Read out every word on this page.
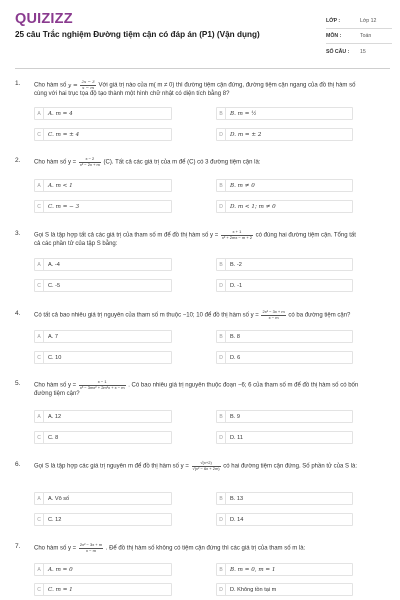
QUIZIZZ
25 câu Trắc nghiệm Đường tiệm cận có đáp án (P1) (Vận dụng)
LỚP :	Lớp 12
MÔN :	Toán
SỐ CÂU :	15
1. Cho hàm số $y = \frac{2x - 3}{x - m}$ Với giá trị nào của m( m ≠ 0) thì đường tiệm cận đứng, đường tiệm cận ngang của đồ thị hàm số cùng với hai trục tọa độ tạo thành một hình chữ nhật có diện tích bằng 8?
A	A. m = 4	B	B. m = ½
C	C. m = ± 4	D	D. m = ± 2
2. Cho hàm số $y = \frac{x - 2}{\text{x² − 2x + m}} (C)$. Tất cả các giá trị của m để (C) có 3 đường tiệm cận là:
A	A. m < 1	B	B. m ≠ 0
C	C. m = − 3	D	D. m < 1; m ≠ 0
3. Gọi S là tập hợp tất cả các giá trị của tham số m để đồ thị hàm số $y = \frac{x + 1}{\text{x² + 2mx − m + 2}}$ có đúng hai đường tiệm cận. Tổng tất cả các phần tử của tập S bằng:
A	A. -4	B	B. -2
C	C. -5	D	D. -1
4. Có tất cả bao nhiêu giá trị nguyên của tham số m thuộc −10; 10 để đồ thị hàm số $y = \frac{\text{2x² − 3x + m}}{x - m}$ có ba đường tiệm cận?
A	A. 7	B	B. 8
C	C. 10	D	D. 6
5. Cho hàm số $y = \frac{x - 1}{\text{x³ − 3mx² + 2m²x + x − m}}$ . Có bao nhiêu giá trị nguyên thuộc đoạn −6; 6 của tham số m để đồ thị hàm số có bốn đường tiệm cận?
A	A. 12	B	B. 9
C	C. 8	D	D. 11
6. Gọi S là tập hợp các giá trị nguyên m để đồ thị hàm số $y = \frac{√(x+2)}{\text{√(x² − 6x + 2m)}}$ có hai đường tiệm cận đứng. Số phần tử của S là:
A	A. Vô số	B	B. 13
C	C. 12	D	D. 14
7. Cho hàm số $y = \frac{\text{2x² − 3x + m}}{x - m}$ . Để đồ thị hàm số không có tiệm cận đứng thì các giá trị của tham số m là:
A	A. m = 0	B	B. m = 0, m = 1
C	C. m = 1	D	D. Không tồn tại m
